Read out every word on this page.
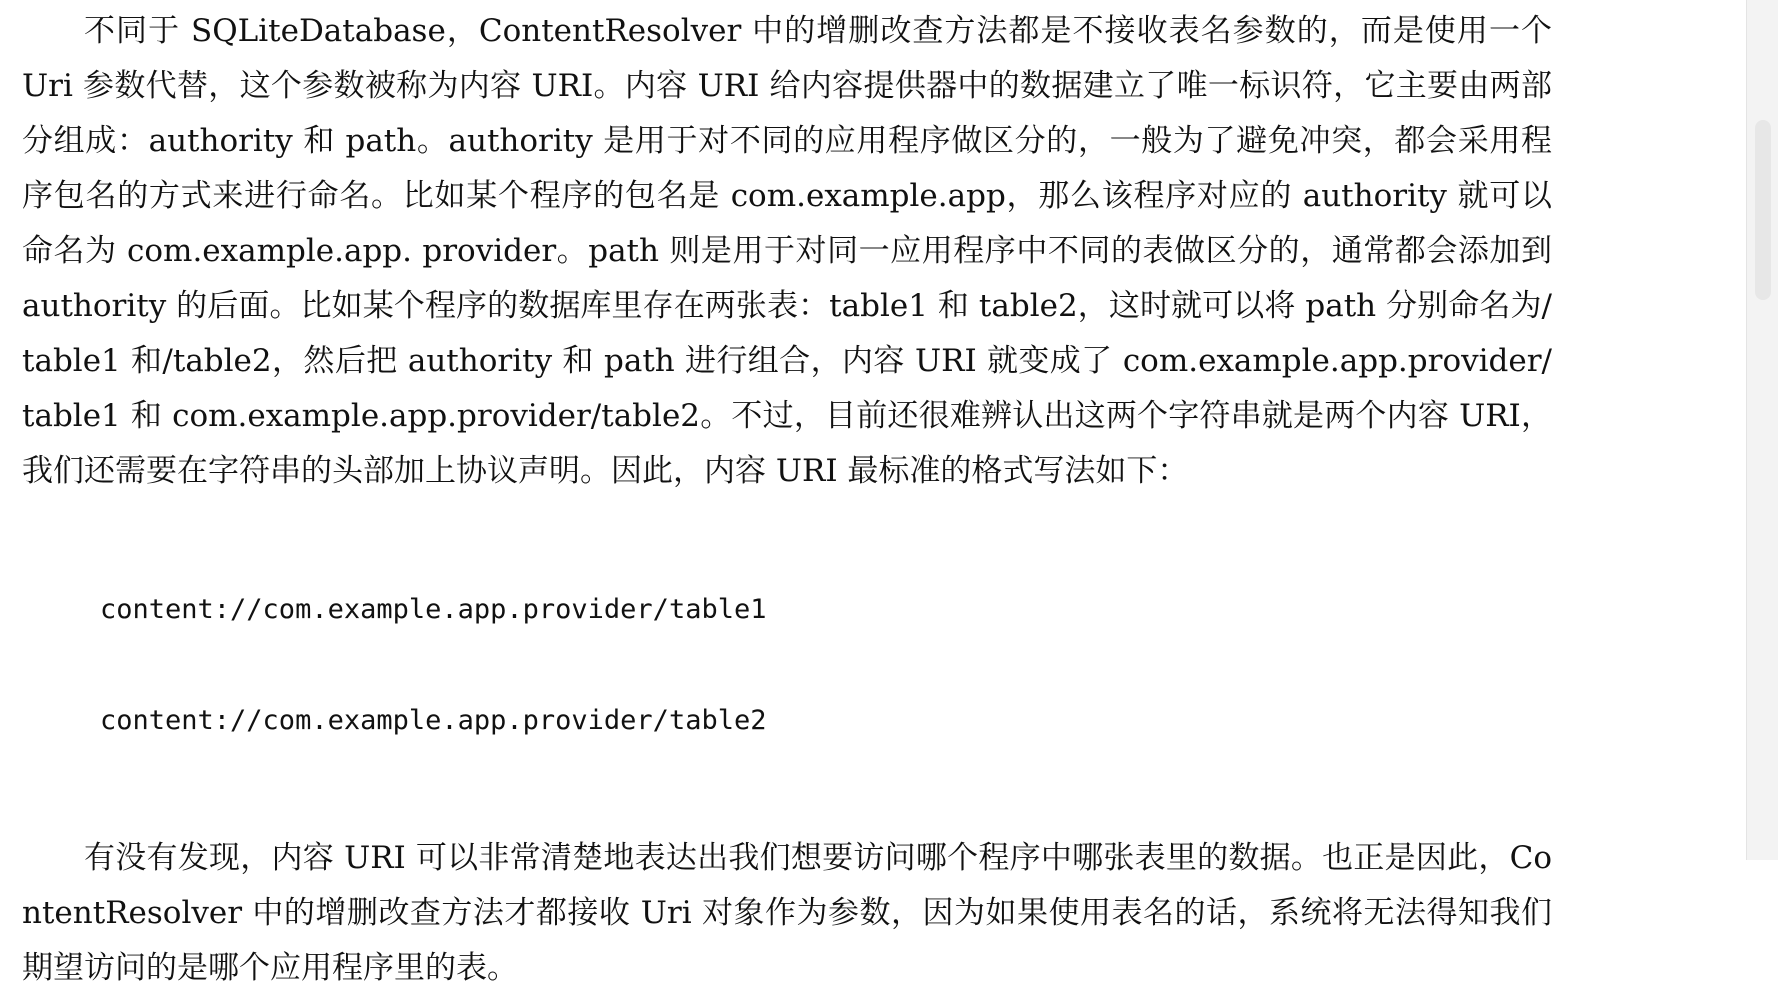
不同于 SQLiteDatabase，ContentResolver 中的增删改查方法都是不接收表名参数的，而是使用一个 Uri 参数代替，这个参数被称为内容 URI。内容 URI 给内容提供器中的数据建立了唯一标识符，它主要由两部分组成：authority 和 path。authority 是用于对不同的应用程序做区分的，一般为了避免冲突，都会采用程序包名的方式来进行命名。比如某个程序的包名是 com.example.app，那么该程序对应的 authority 就可以命名为 com.example.app. provider。path 则是用于对同一应用程序中不同的表做区分的，通常都会添加到 authority 的后面。比如某个程序的数据库里存在两张表：table1 和 table2，这时就可以将 path 分别命名为/table1 和/table2，然后把 authority 和 path 进行组合，内容 URI 就变成了 com.example.app.provider/table1 和 com.example.app.provider/table2。不过，目前还很难辨认出这两个字符串就是两个内容 URI，我们还需要在字符串的头部加上协议声明。因此，内容 URI 最标准的格式写法如下：

content://com.example.app.provider/table1

content://com.example.app.provider/table2

有没有发现，内容 URI 可以非常清楚地表达出我们想要访问哪个程序中哪张表里的数据。也正是因此，ContentResolver 中的增删改查方法才都接收 Uri 对象作为参数，因为如果使用表名的话，系统将无法得知我们期望访问的是哪个应用程序里的表。
